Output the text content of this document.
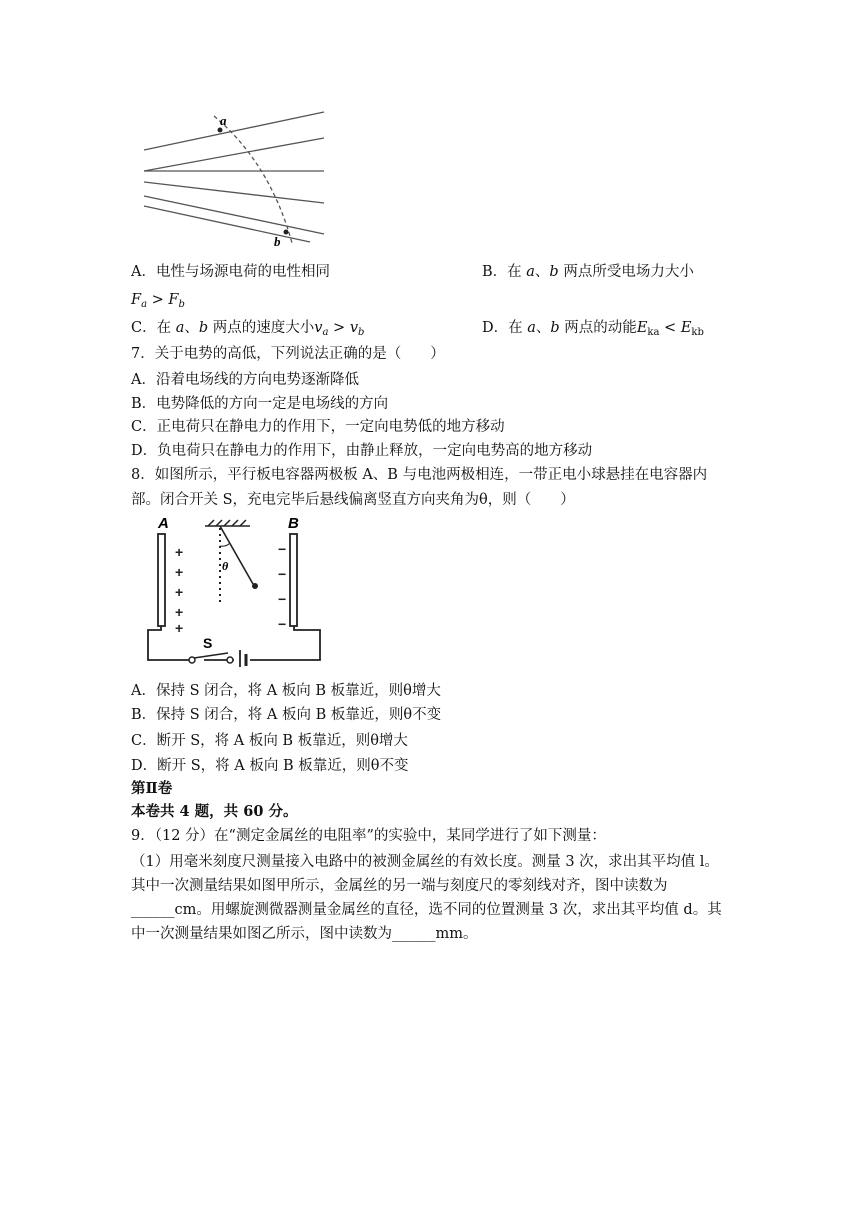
a
b
A．电性与场源电荷的电性相同	B．在 a、b 两点所受电场力大小
$F_a > F_b$
C．在 a、b 两点的速度大小$v_a > v_b$	D．在 a、b 两点的动能$E_{ka} < E_{kb}$
7．关于电势的高低，下列说法正确的是（　　）
A．沿着电场线的方向电势逐渐降低
B．电势降低的方向一定是电场线的方向
C．正电荷只在静电力的作用下，一定向电势低的地方移动
D．负电荷只在静电力的作用下，由静止释放，一定向电势高的地方移动
8．如图所示，平行板电容器两极板 A、B 与电池两极相连，一带正电小球悬挂在电容器内
部。闭合开关 S，充电完毕后悬线偏离竖直方向夹角为θ，则（　　）
A	B
+
+
+
+
+
−
−
−
−
θ
S
A．保持 S 闭合，将 A 板向 B 板靠近，则θ增大
B．保持 S 闭合，将 A 板向 B 板靠近，则θ不变
C．断开 S，将 A 板向 B 板靠近，则θ增大
D．断开 S，将 A 板向 B 板靠近，则θ不变
第Ⅱ卷
本卷共 4 题，共 60 分。
9．（12 分）在“测定金属丝的电阻率”的实验中，某同学进行了如下测量：
（1）用毫米刻度尺测量接入电路中的被测金属丝的有效长度。测量 3 次，求出其平均值 l。
其中一次测量结果如图甲所示，金属丝的另一端与刻度尺的零刻线对齐，图中读数为
______cm。用螺旋测微器测量金属丝的直径，选不同的位置测量 3 次，求出其平均值 d。其
中一次测量结果如图乙所示，图中读数为______mm。
